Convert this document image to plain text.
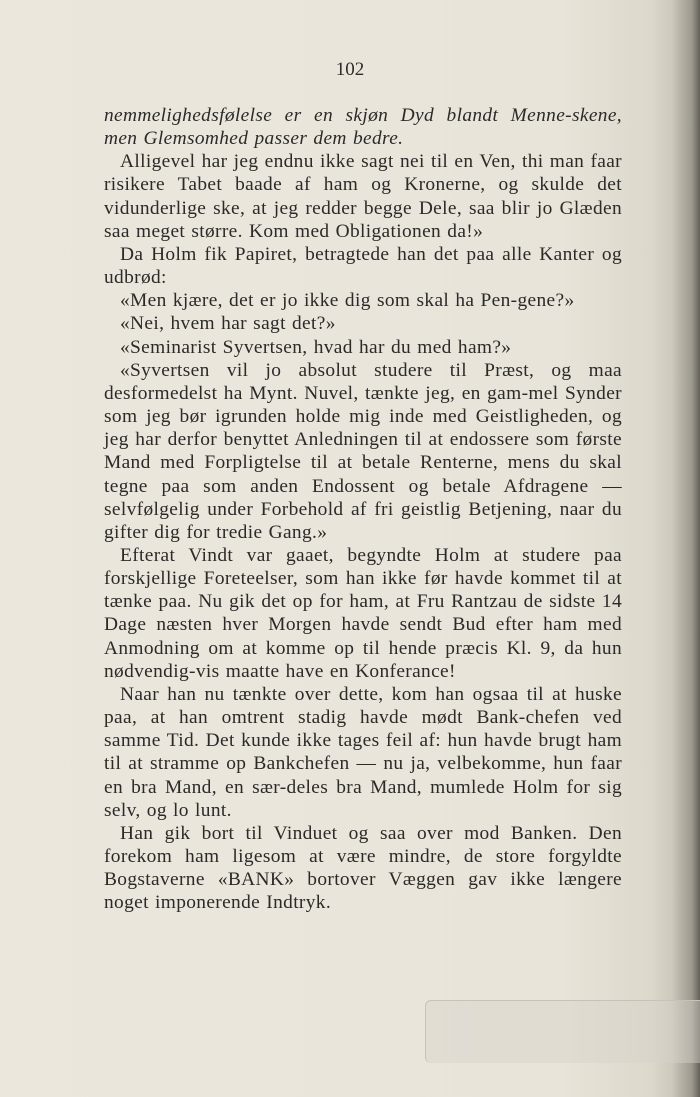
102

nemmelighedsfølelse er en skjøn Dyd blandt Menne-skene, men Glemsomhed passer dem bedre.

Alligevel har jeg endnu ikke sagt nei til en Ven, thi man faar risikere Tabet baade af ham og Kronerne, og skulde det vidunderlige ske, at jeg redder begge Dele, saa blir jo Glæden saa meget større. Kom med Obligationen da!»

Da Holm fik Papiret, betragtede han det paa alle Kanter og udbrød:

«Men kjære, det er jo ikke dig som skal ha Pen-gene?»

«Nei, hvem har sagt det?»

«Seminarist Syvertsen, hvad har du med ham?»

«Syvertsen vil jo absolut studere til Præst, og maa desformedelst ha Mynt. Nuvel, tænkte jeg, en gam-mel Synder som jeg bør igrunden holde mig inde med Geistligheden, og jeg har derfor benyttet Anledningen til at endossere som første Mand med Forpligtelse til at betale Renterne, mens du skal tegne paa som anden Endossent og betale Afdragene — selvfølgelig under Forbehold af fri geistlig Betjening, naar du gifter dig for tredie Gang.»

Efterat Vindt var gaaet, begyndte Holm at studere paa forskjellige Foreteelser, som han ikke før havde kommet til at tænke paa. Nu gik det op for ham, at Fru Rantzau de sidste 14 Dage næsten hver Morgen havde sendt Bud efter ham med Anmodning om at komme op til hende præcis Kl. 9, da hun nødvendig-vis maatte have en Konferance!

Naar han nu tænkte over dette, kom han ogsaa til at huske paa, at han omtrent stadig havde mødt Bank-chefen ved samme Tid. Det kunde ikke tages feil af: hun havde brugt ham til at stramme op Bankchefen — nu ja, velbekomme, hun faar en bra Mand, en sær-deles bra Mand, mumlede Holm for sig selv, og lo lunt.

Han gik bort til Vinduet og saa over mod Banken. Den forekom ham ligesom at være mindre, de store forgyldte Bogstaverne «BANK» bortover Væggen gav ikke længere noget imponerende Indtryk.
